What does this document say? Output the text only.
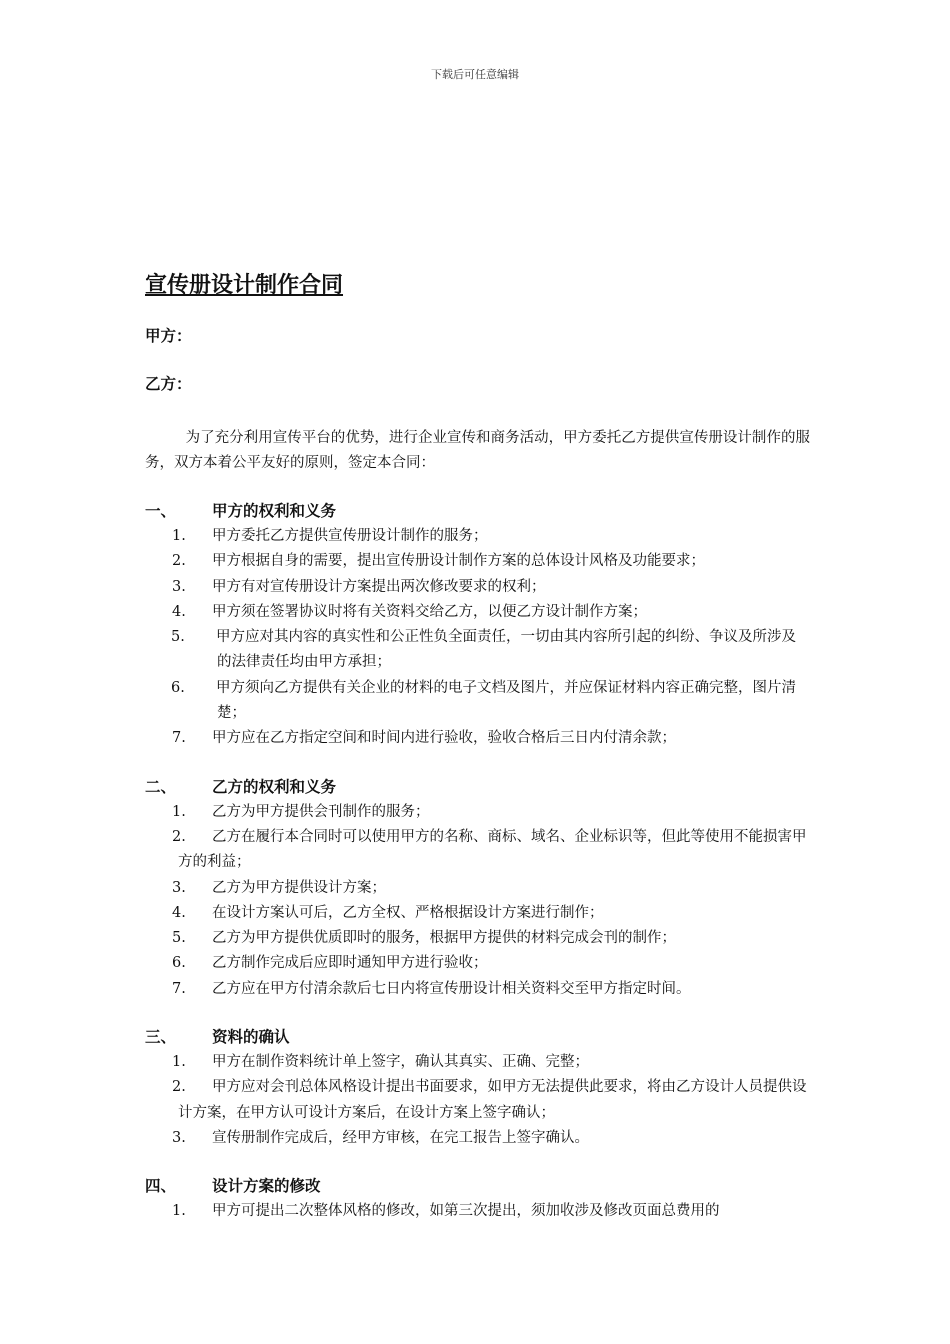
下载后可任意编辑
宣传册设计制作合同
甲方：
乙方：
为了充分利用宣传平台的优势，进行企业宣传和商务活动，甲方委托乙方提供宣传册设计制作的服务，双方本着公平友好的原则，签定本合同：
一、	甲方的权利和义务
1. 甲方委托乙方提供宣传册设计制作的服务；
2. 甲方根据自身的需要，提出宣传册设计制作方案的总体设计风格及功能要求；
3. 甲方有对宣传册设计方案提出两次修改要求的权利；
4. 甲方须在签署协议时将有关资料交给乙方，以便乙方设计制作方案；
5. 甲方应对其内容的真实性和公正性负全面责任，一切由其内容所引起的纠纷、争议及所涉及的法律责任均由甲方承担；
6. 甲方须向乙方提供有关企业的材料的电子文档及图片，并应保证材料内容正确完整，图片清楚；
7. 甲方应在乙方指定空间和时间内进行验收，验收合格后三日内付清余款；
二、	乙方的权利和义务
1. 乙方为甲方提供会刊制作的服务；
2. 乙方在履行本合同时可以使用甲方的名称、商标、域名、企业标识等，但此等使用不能损害甲方的利益；
3. 乙方为甲方提供设计方案；
4. 在设计方案认可后，乙方全权、严格根据设计方案进行制作；
5. 乙方为甲方提供优质即时的服务，根据甲方提供的材料完成会刊的制作；
6. 乙方制作完成后应即时通知甲方进行验收；
7. 乙方应在甲方付清余款后七日内将宣传册设计相关资料交至甲方指定时间。
三、	资料的确认
1. 甲方在制作资料统计单上签字，确认其真实、正确、完整；
2. 甲方应对会刊总体风格设计提出书面要求，如甲方无法提供此要求，将由乙方设计人员提供设计方案，在甲方认可设计方案后，在设计方案上签字确认；
3. 宣传册制作完成后，经甲方审核，在完工报告上签字确认。
四、	设计方案的修改
1. 甲方可提出二次整体风格的修改，如第三次提出，须加收涉及修改页面总费用的
